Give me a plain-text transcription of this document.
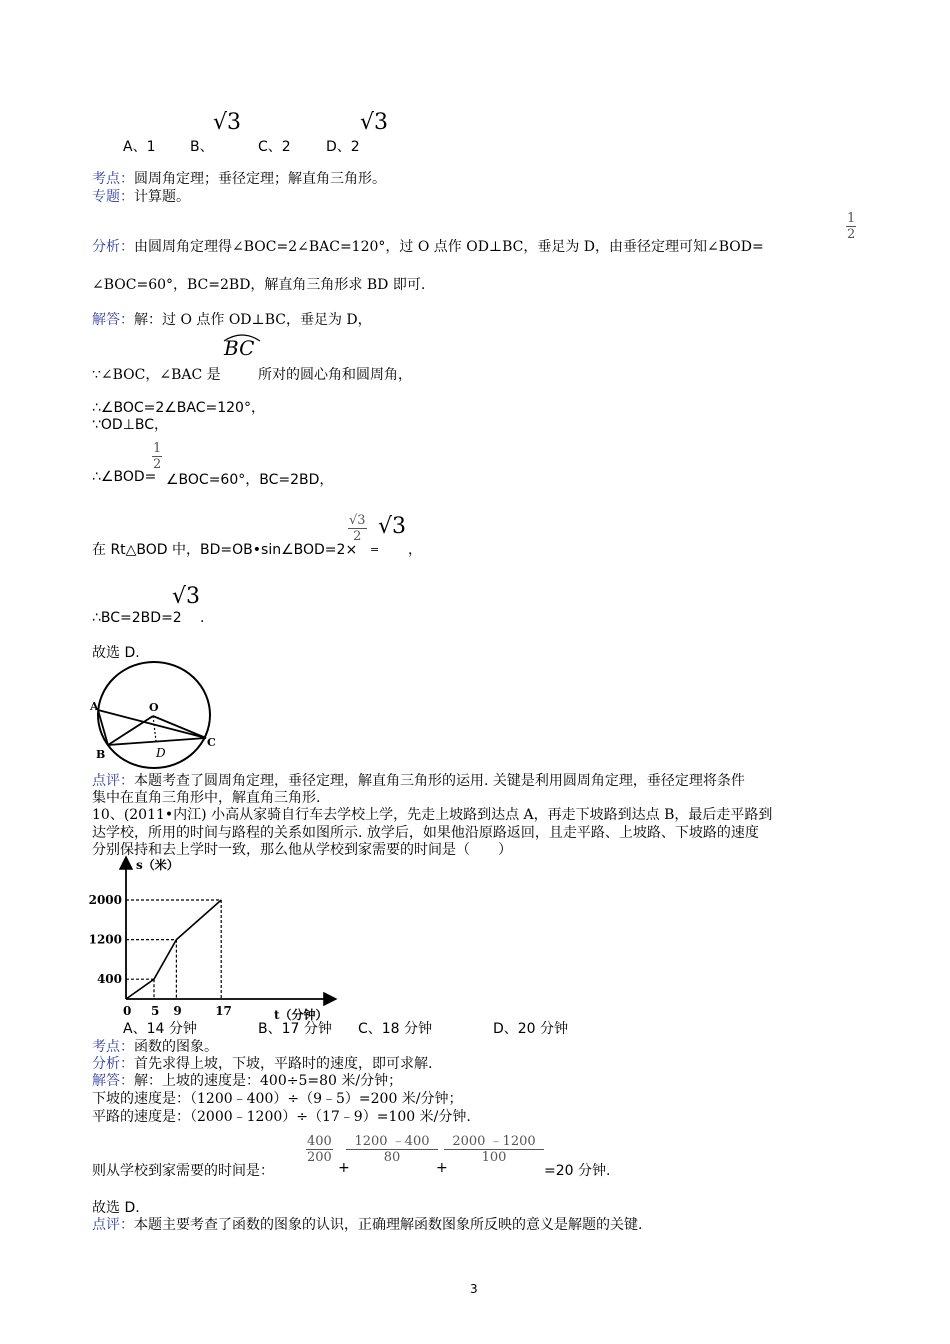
A、1 B、
√3
C、2	D、2
√3
考点：圆周角定理；垂径定理；解直角三角形。
专题：计算题。
分析：由圆周角定理得∠BOC=2∠BAC=120°，过 O 点作 OD⊥BC，垂足为 D，由垂径定理可知∠BOD=
$\frac{1}{2}$
∠BOC=60°，BC=2BD，解直角三角形求 BD 即可.
解答：解：过 O 点作 OD⊥BC，垂足为 D，
∵∠BOC，∠BAC 是
BC
所对的圆心角和圆周角，
∴∠BOC=2∠BAC=120°，
∵OD⊥BC，
∴∠BOD=
$\frac{1}{2}$
∠BOC=60°，BC=2BD，
在 Rt△BOD 中，BD=OB•sin∠BOD=2×
$\frac{√3}{2}$
=
√3
，
∴BC=2BD=2
√3
.
故选 D.
A
B
C
O
D
点评：本题考查了圆周角定理，垂径定理，解直角三角形的运用. 关键是利用圆周角定理，垂径定理将条件
集中在直角三角形中，解直角三角形.
10、(2011•内江) 小高从家骑自行车去学校上学，先走上坡路到达点 A，再走下坡路到达点 B，最后走平路到
达学校，所用的时间与路程的关系如图所示. 放学后，如果他沿原路返回，且走平路、上坡路、下坡路的速度
分别保持和去上学时一致，那么他从学校到家需要的时间是（　　）
s（米）
t（分钟）
0 5 9	17
400
1200
2000
A、14 分钟	B、17 分钟 C、18 分钟	D、20 分钟
考点：函数的图象。
分析：首先求得上坡，下坡，平路时的速度，即可求解.
解答：解：上坡的速度是：400÷5=80 米/分钟；
下坡的速度是：（1200﹣400）÷（9﹣5）=200 米/分钟；
平路的速度是：（2000﹣1200）÷（17﹣9）=100 米/分钟.
则从学校到家需要的时间是：
$\frac{400}{200}$
+
$\frac{1200 ﹣400}{80}$
+
$\frac{2000 ﹣1200}{100}$
=20 分钟.
故选 D.
点评：本题主要考查了函数的图象的认识，正确理解函数图象所反映的意义是解题的关键.
3
